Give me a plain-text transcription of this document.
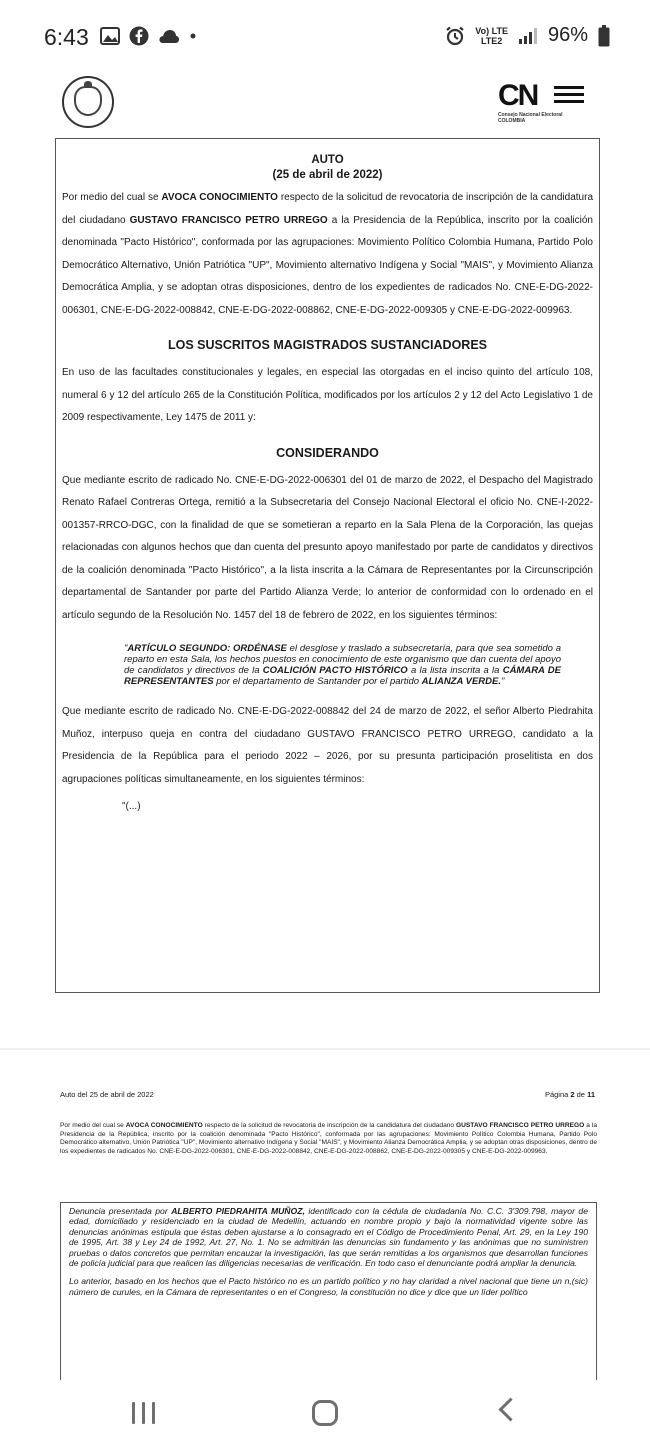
6:43	Vo) LTE
LTE2 96%
CN
Consejo Nacional Electoral
COLOMBIA
AUTO
(25 de abril de 2022)

Por medio del cual se AVOCA CONOCIMIENTO respecto de la solicitud de revocatoria de inscripción de la candidatura del ciudadano GUSTAVO FRANCISCO PETRO URREGO a la Presidencia de la República, inscrito por la coalición denominada "Pacto Histórico", conformada por las agrupaciones: Movimiento Político Colombia Humana, Partido Polo Democrático Alternativo, Unión Patriótica "UP", Movimiento alternativo Indígena y Social "MAIS", y Movimiento Alianza Democrática Amplia, y se adoptan otras disposiciones, dentro de los expedientes de radicados No. CNE-E-DG-2022-006301, CNE-E-DG-2022-008842, CNE-E-DG-2022-008862, CNE-E-DG-2022-009305 y CNE-E-DG-2022-009963.

LOS SUSCRITOS MAGISTRADOS SUSTANCIADORES

En uso de las facultades constitucionales y legales, en especial las otorgadas en el inciso quinto del artículo 108, numeral 6 y 12 del artículo 265 de la Constitución Política, modificados por los artículos 2 y 12 del Acto Legislativo 1 de 2009 respectivamente, Ley 1475 de 2011 y:

CONSIDERANDO

Que mediante escrito de radicado No. CNE-E-DG-2022-006301 del 01 de marzo de 2022, el Despacho del Magistrado Renato Rafael Contreras Ortega, remitió a la Subsecretaria del Consejo Nacional Electoral el oficio No. CNE-I-2022-001357-RRCO-DGC, con la finalidad de que se sometieran a reparto en la Sala Plena de la Corporación, las quejas relacionadas con algunos hechos que dan cuenta del presunto apoyo manifestado por parte de candidatos y directivos de la coalición denominada "Pacto Histórico", a la lista inscrita a la Cámara de Representantes por la Circunscripción departamental de Santander por parte del Partido Alianza Verde; lo anterior de conformidad con lo ordenado en el artículo segundo de la Resolución No. 1457 del 18 de febrero de 2022, en los siguientes términos:

"ARTÍCULO SEGUNDO: ORDÉNASE el desglose y traslado a subsecretaría, para que sea sometido a reparto en esta Sala, los hechos puestos en conocimiento de este organismo que dan cuenta del apoyo de candidatos y directivos de la COALICIÓN PACTO HISTÓRICO a la lista inscrita a la CÁMARA DE REPRESENTANTES por el departamento de Santander por el partido ALIANZA VERDE."

Que mediante escrito de radicado No. CNE-E-DG-2022-008842 del 24 de marzo de 2022, el señor Alberto Piedrahita Muñoz, interpuso queja en contra del ciudadano GUSTAVO FRANCISCO PETRO URREGO, candidato a la Presidencia de la República para el periodo 2022 – 2026, por su presunta participación proselitista en dos agrupaciones políticas simultaneamente, en los siguientes términos:

"(...)
Auto del 25 de abril de 2022	Página 2 de 11
Por medio del cual se AVOCA CONOCIMIENTO respecto de la solicitud de revocatoria de inscripción de la candidatura del ciudadano GUSTAVO FRANCISCO PETRO URREGO a la Presidencia de la República, inscrito por la coalición denominada "Pacto Histórico", conformada por las agrupaciones: Movimiento Político Colombia Humana, Partido Polo Democrático alternativo, Unión Patriótica "UP", Movimiento alternativo Indígena y Social "MAIS", y Movimiento Alianza Democrática Amplia, y se adoptan otras disposiciones, dentro de los expedientes de radicados No. CNE-E-DG-2022-006301, CNE-E-DG-2022-008842, CNE-E-DG-2022-008862, CNE-E-DG-2022-009305 y CNE-E-DG-2022-009963.

Denuncia presentada por ALBERTO PIEDRAHITA MUÑOZ, identificado con la cédula de ciudadanía No. C.C. 3'309.798, mayor de edad, domiciliado y residenciado en la ciudad de Medellín, actuando en nombre propio y bajo la normatividad vigente sobre las denuncias anónimas estipula que éstas deben ajustarse a lo consagrado en el Código de Procedimiento Penal, Art. 29, en la Ley 190 de 1995, Art. 38 y Ley 24 de 1992, Art. 27, No. 1. No se admitirán las denuncias sin fundamento y las anónimas que no suministren pruebas o datos concretos que permitan encauzar la investigación, las que serán remitidas a los organismos que desarrollan funciones de policía judicial para que realicen las diligencias necesarias de verificación. En todo caso el denunciante podrá ampliar la denuncia.

Lo anterior, basado en los hechos que el Pacto histórico no es un partido político y no hay claridad a nivel nacional que tiene un n,(sic) número de curules, en la Cámara de representantes o en el Congreso, la constitución no dice y dice que un líder político
